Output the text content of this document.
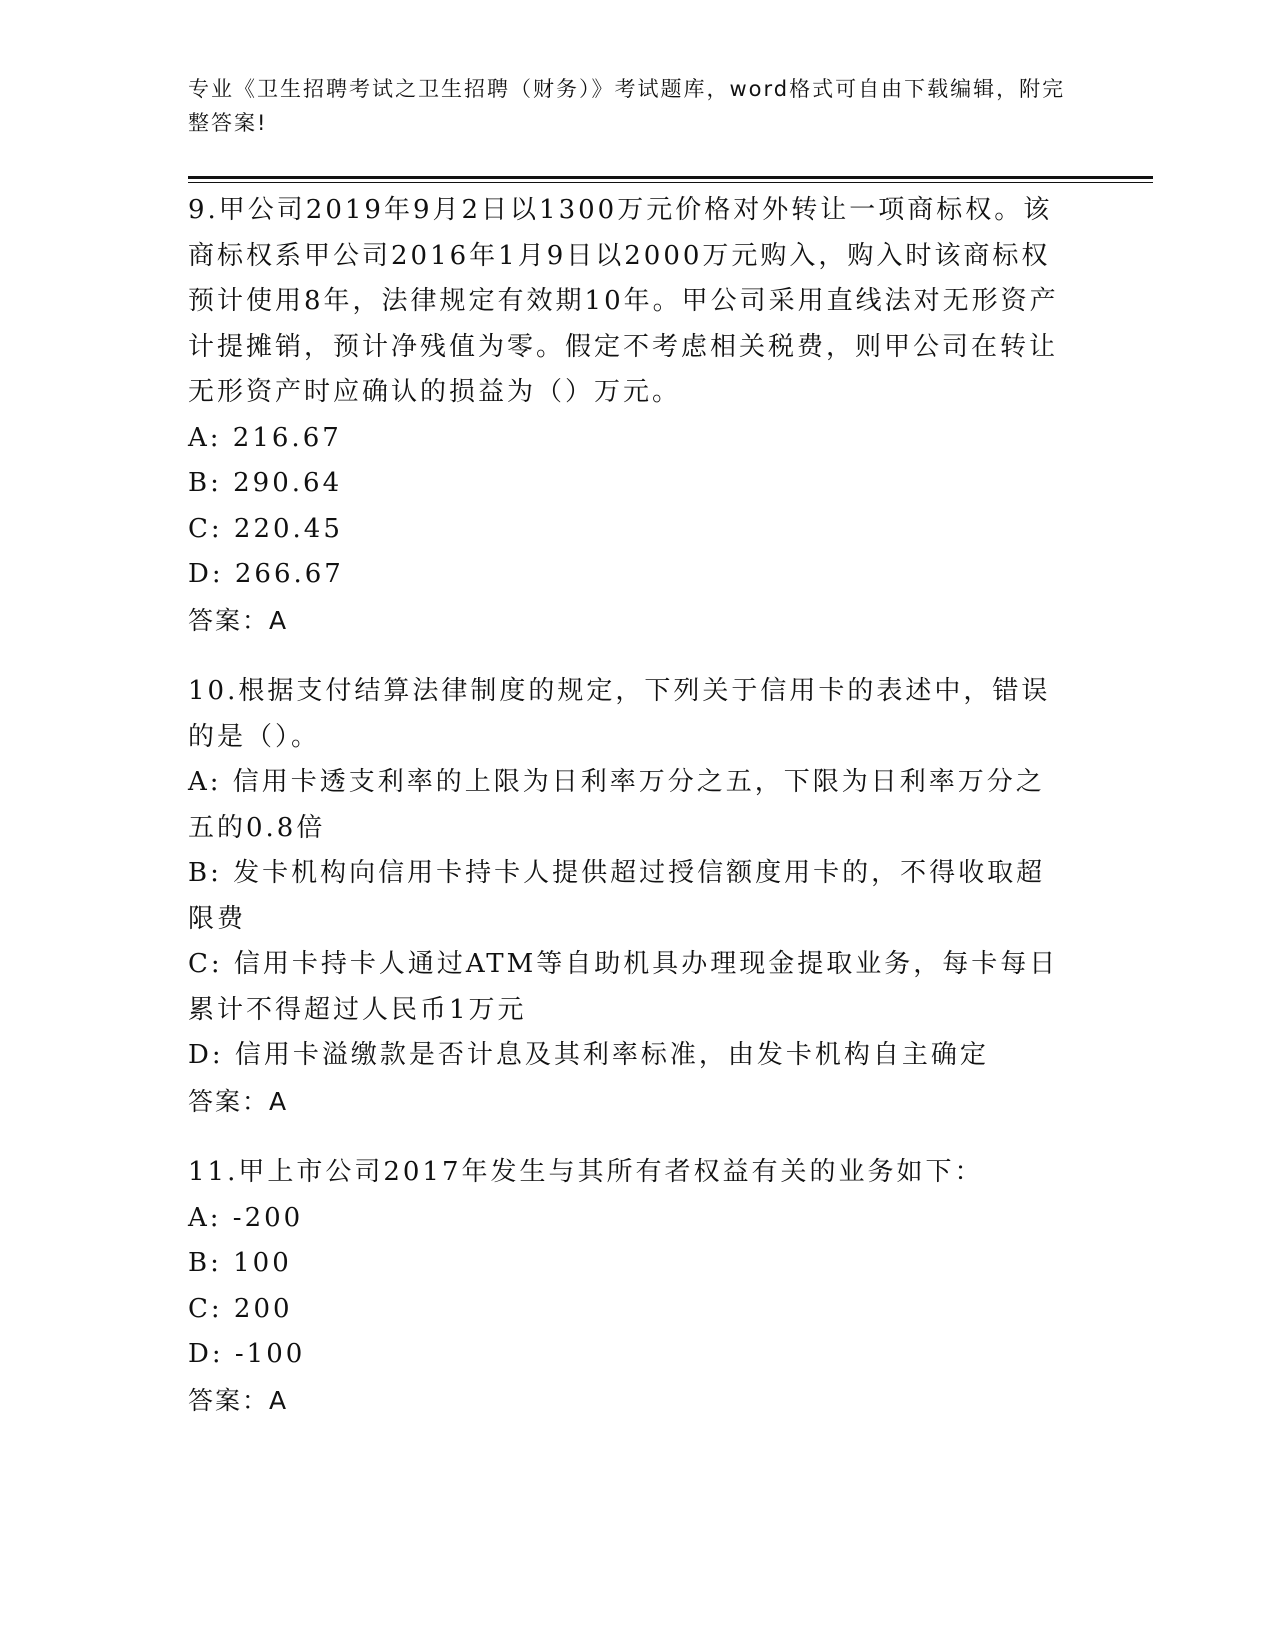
专业《卫生招聘考试之卫生招聘（财务）》考试题库，word格式可自由下载编辑，附完整答案!
9.甲公司2019年9月2日以1300万元价格对外转让一项商标权。该商标权系甲公司2016年1月9日以2000万元购入，购入时该商标权预计使用8年，法律规定有效期10年。甲公司采用直线法对无形资产计提摊销，预计净残值为零。假定不考虑相关税费，则甲公司在转让无形资产时应确认的损益为（）万元。
A: 216.67
B: 290.64
C: 220.45
D: 266.67
答案：A
10.根据支付结算法律制度的规定，下列关于信用卡的表述中，错误的是（）。
A: 信用卡透支利率的上限为日利率万分之五，下限为日利率万分之五的0.8倍
B: 发卡机构向信用卡持卡人提供超过授信额度用卡的，不得收取超限费
C: 信用卡持卡人通过ATM等自助机具办理现金提取业务，每卡每日累计不得超过人民币1万元
D: 信用卡溢缴款是否计息及其利率标准，由发卡机构自主确定
答案：A
11.甲上市公司2017年发生与其所有者权益有关的业务如下：
A: -200
B: 100
C: 200
D: -100
答案：A
